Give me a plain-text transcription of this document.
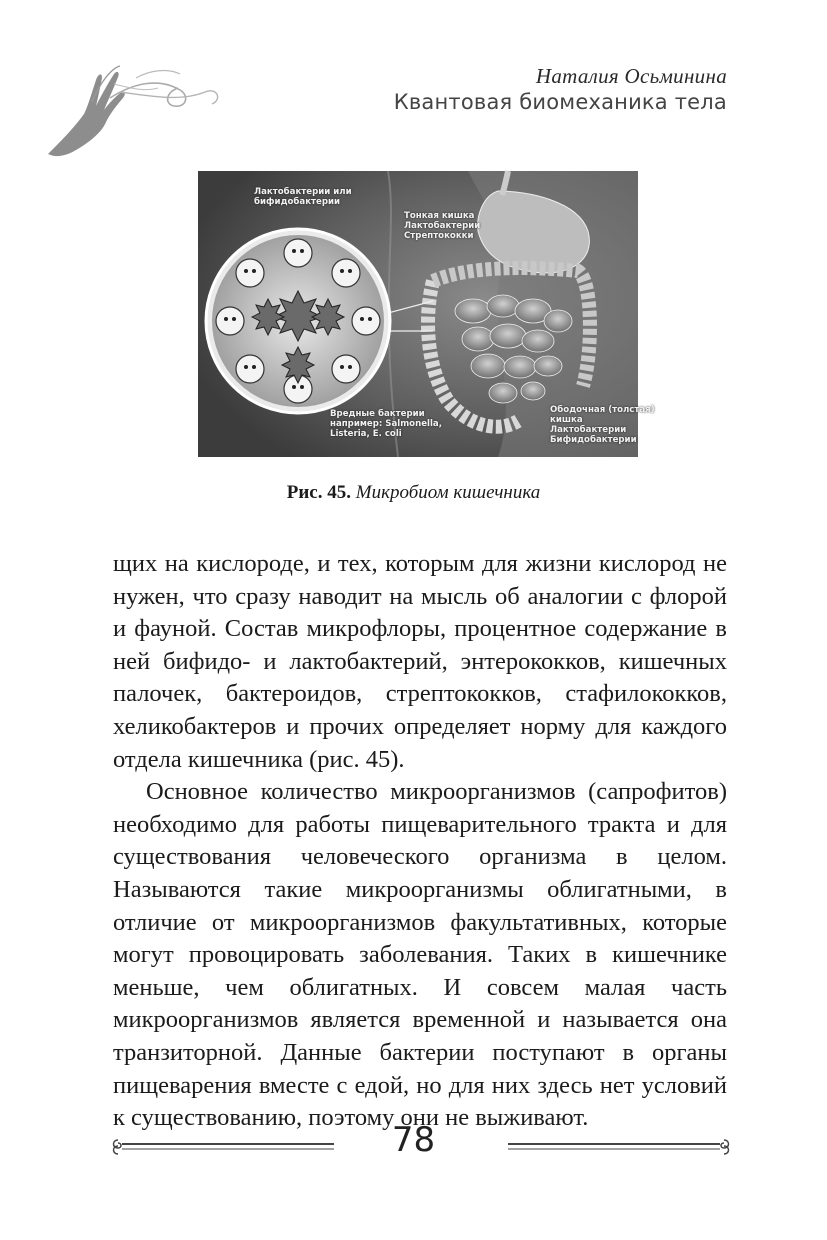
Наталия Осьминина
Квантовая биомеханика тела
Лактобактерии или
бифидобактерии
Тонкая кишка
Лактобактерии
Стрептококки
Вредные бактерии
например: Salmonella,
Listeria, E. coli
Ободочная (толстая)
кишка
Лактобактерии
Бифидобактерии
Рис. 45. Микробиом кишечника

щих на кислороде, и тех, которым для жизни кислород не нужен, что сразу наводит на мысль об аналогии с флорой и фауной. Состав микрофлоры, процентное содержание в ней бифидо- и лактобактерий, энтерококков, кишечных палочек, бактероидов, стрептококков, стафилококков, хеликобактеров и прочих определяет норму для каждого отдела кишечника (рис. 45).

Основное количество микроорганизмов (сапрофитов) необходимо для работы пищеварительного тракта и для существования человеческого организма в целом. Называются такие микроорганизмы облигатными, в отличие от микроорганизмов факультативных, которые могут провоцировать заболевания. Таких в кишечнике меньше, чем облигатных. И совсем малая часть микроорганизмов является временной и называется она транзиторной. Данные бактерии поступают в органы пищеварения вместе с едой, но для них здесь нет условий к существованию, поэтому они не выживают.

78
